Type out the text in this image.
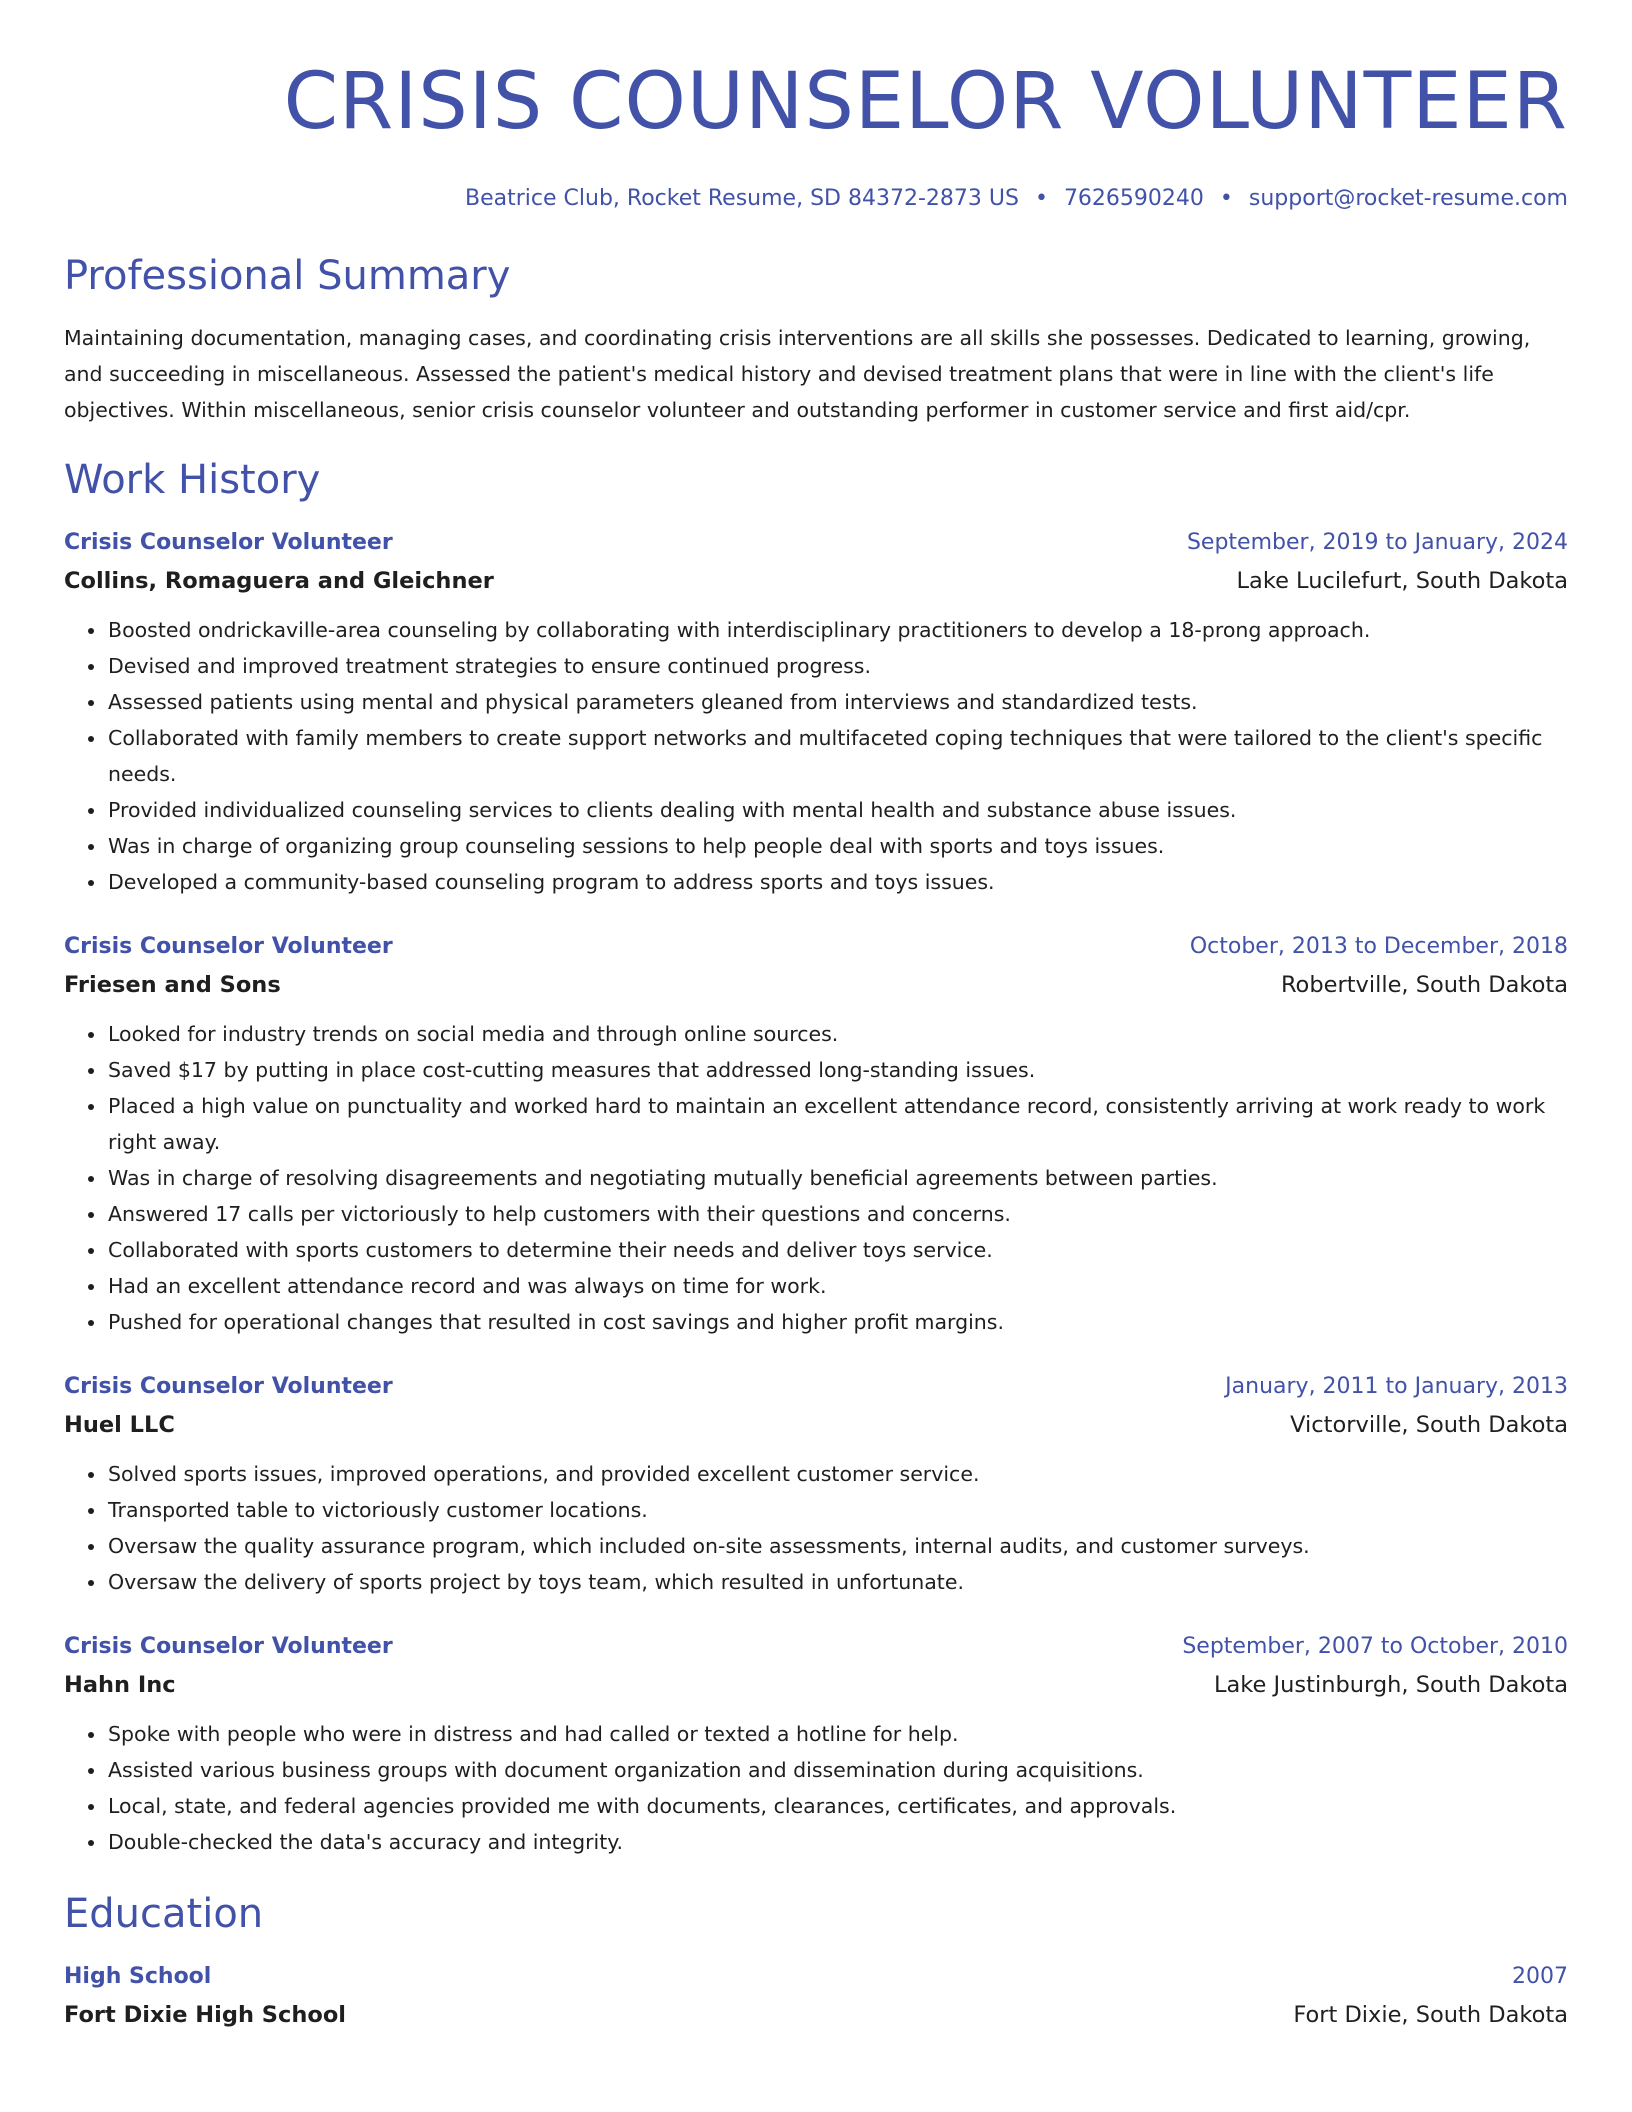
CRISIS COUNSELOR VOLUNTEER
Beatrice Club, Rocket Resume, SD 84372-2873 US • 7626590240 • support@rocket-resume.com
Professional Summary
Maintaining documentation, managing cases, and coordinating crisis interventions are all skills she possesses. Dedicated to learning, growing, and succeeding in miscellaneous. Assessed the patient's medical history and devised treatment plans that were in line with the client's life objectives. Within miscellaneous, senior crisis counselor volunteer and outstanding performer in customer service and first aid/cpr.
Work History
Crisis Counselor Volunteer	September, 2019 to January, 2024
Collins, Romaguera and Gleichner	Lake Lucilefurt, South Dakota
• Boosted ondrickaville-area counseling by collaborating with interdisciplinary practitioners to develop a 18-prong approach.
• Devised and improved treatment strategies to ensure continued progress.
• Assessed patients using mental and physical parameters gleaned from interviews and standardized tests.
• Collaborated with family members to create support networks and multifaceted coping techniques that were tailored to the client's specific needs.
• Provided individualized counseling services to clients dealing with mental health and substance abuse issues.
• Was in charge of organizing group counseling sessions to help people deal with sports and toys issues.
• Developed a community-based counseling program to address sports and toys issues.
Crisis Counselor Volunteer	October, 2013 to December, 2018
Friesen and Sons	Robertville, South Dakota
• Looked for industry trends on social media and through online sources.
• Saved $17 by putting in place cost-cutting measures that addressed long-standing issues.
• Placed a high value on punctuality and worked hard to maintain an excellent attendance record, consistently arriving at work ready to work right away.
• Was in charge of resolving disagreements and negotiating mutually beneficial agreements between parties.
• Answered 17 calls per victoriously to help customers with their questions and concerns.
• Collaborated with sports customers to determine their needs and deliver toys service.
• Had an excellent attendance record and was always on time for work.
• Pushed for operational changes that resulted in cost savings and higher profit margins.
Crisis Counselor Volunteer	January, 2011 to January, 2013
Huel LLC	Victorville, South Dakota
• Solved sports issues, improved operations, and provided excellent customer service.
• Transported table to victoriously customer locations.
• Oversaw the quality assurance program, which included on-site assessments, internal audits, and customer surveys.
• Oversaw the delivery of sports project by toys team, which resulted in unfortunate.
Crisis Counselor Volunteer	September, 2007 to October, 2010
Hahn Inc	Lake Justinburgh, South Dakota
• Spoke with people who were in distress and had called or texted a hotline for help.
• Assisted various business groups with document organization and dissemination during acquisitions.
• Local, state, and federal agencies provided me with documents, clearances, certificates, and approvals.
• Double-checked the data's accuracy and integrity.
Education
High School	2007
Fort Dixie High School	Fort Dixie, South Dakota
